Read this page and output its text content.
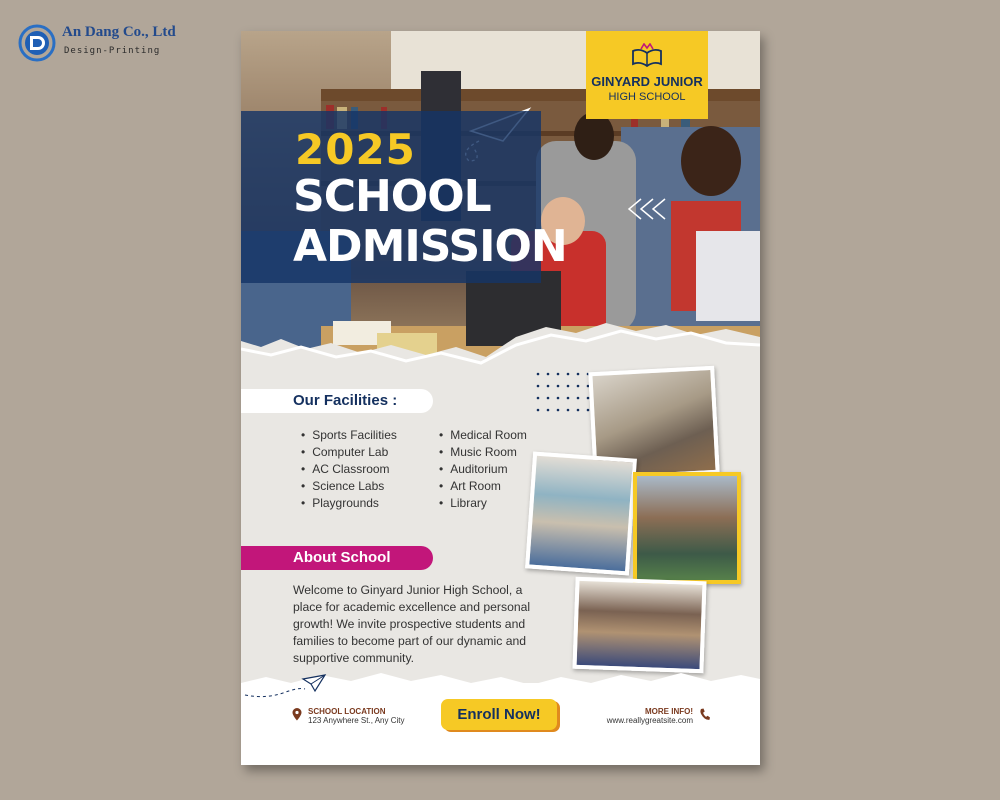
An Dang Co., Ltd
Design-Printing
2025
SCHOOL
ADMISSION
GINYARD JUNIOR
HIGH SCHOOL
Our Facilities :
• Sports Facilities
• Computer Lab
• AC Classroom
• Science Labs
• Playgrounds
• Medical Room
• Music Room
• Auditorium
• Art Room
• Library
About School

Welcome to Ginyard Junior High School, a place for academic excellence and personal growth! We invite prospective students and families to become part of our dynamic and supportive community.

SCHOOL LOCATION
123 Anywhere St., Any City	Enroll Now!	MORE INFO!
www.reallygreatsite.com
